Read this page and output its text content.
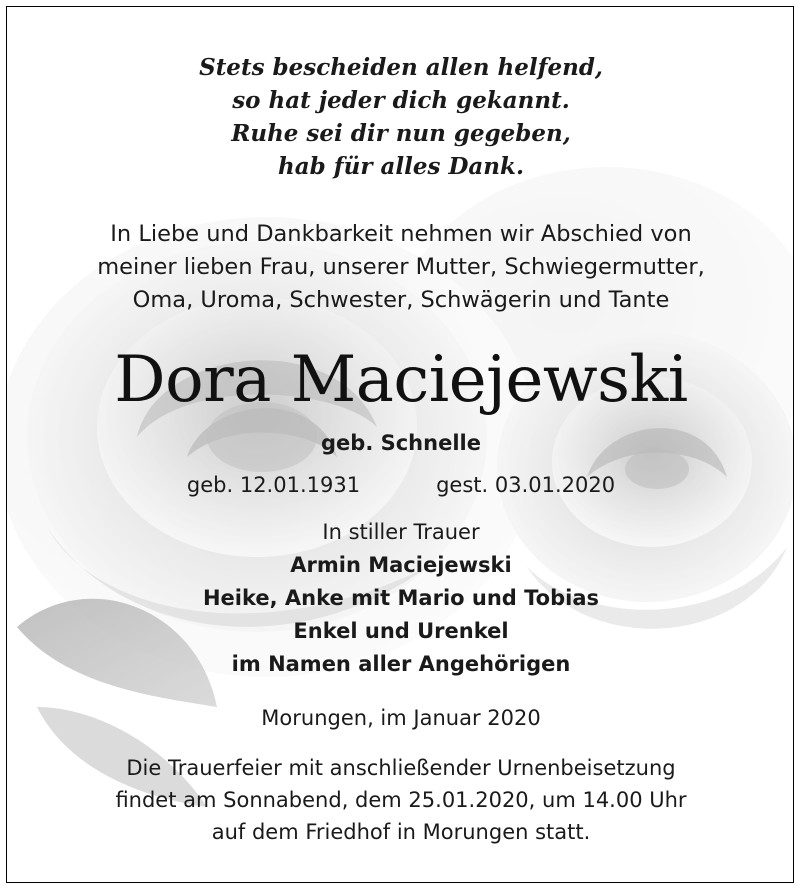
Stets bescheiden allen helfend,
so hat jeder dich gekannt.
Ruhe sei dir nun gegeben,
hab für alles Dank.
In Liebe und Dankbarkeit nehmen wir Abschied von
meiner lieben Frau, unserer Mutter, Schwiegermutter,
Oma, Uroma, Schwester, Schwägerin und Tante
Dora Maciejewski
geb. Schnelle
geb. 12.01.1931	gest. 03.01.2020
In stiller Trauer
Armin Maciejewski
Heike, Anke mit Mario und Tobias
Enkel und Urenkel
im Namen aller Angehörigen
Morungen, im Januar 2020
Die Trauerfeier mit anschließender Urnenbeisetzung
findet am Sonnabend, dem 25.01.2020, um 14.00 Uhr
auf dem Friedhof in Morungen statt.
